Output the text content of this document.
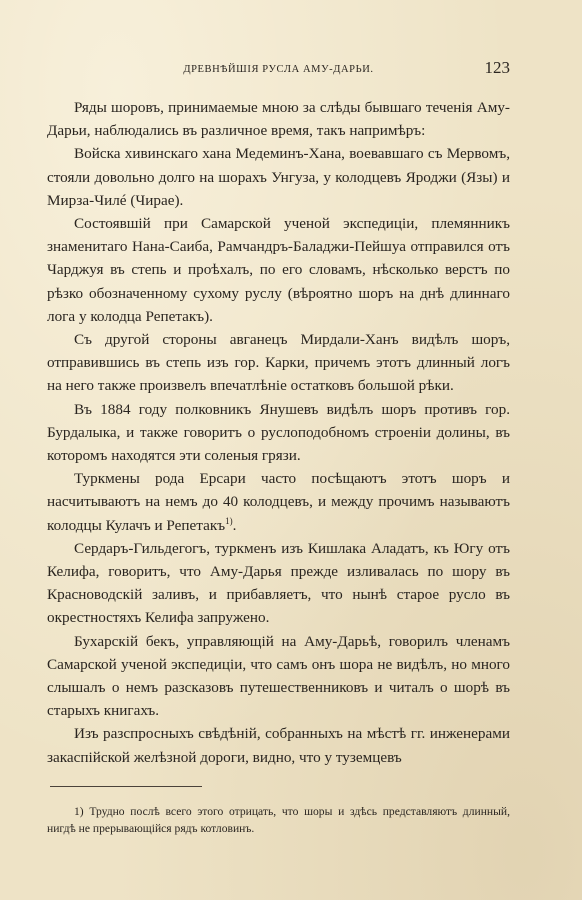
ДРЕВНѢЙШІЯ РУСЛА АМУ-ДАРЬИ.	123

Ряды шоровъ, принимаемые мною за слѣды бывшаго теченія Аму-Дарьи, наблюдались въ различное время, такъ напримѣръ:

Войска хивинскаго хана Медеминъ-Хана, воевавшаго съ Мервомъ, стояли довольно долго на шорахъ Унгуза, у колодцевъ Яроджи (Язы) и Мирза-Чилé (Чирае).

Состоявшій при Самарской ученой экспедиціи, племянникъ знаменитаго Нана-Саиба, Рамчандръ-Баладжи-Пейшуа отправился отъ Чарджуя въ степь и проѣхалъ, по его словамъ, нѣсколько верстъ по рѣзко обозначенному сухому руслу (вѣроятно шоръ на днѣ длиннаго лога у колодца Репетакъ).

Съ другой стороны авганецъ Мирдали-Ханъ видѣлъ шоръ, отправившись въ степь изъ гор. Карки, причемъ этотъ длинный логъ на него также произвелъ впечатлѣніе остатковъ большой рѣки.

Въ 1884 году полковникъ Янушевъ видѣлъ шоръ противъ гор. Бурдалыка, и также говоритъ о руслоподобномъ строеніи долины, въ которомъ находятся эти соленыя грязи.

Туркмены рода Ерсари часто посѣщаютъ этотъ шоръ и насчитываютъ на немъ до 40 колодцевъ, и между прочимъ называютъ колодцы Кулачъ и Репетакъ$^{1)}$.

Сердаръ-Гильдегогъ, туркменъ изъ Кишлака Аладатъ, къ Югу отъ Келифа, говоритъ, что Аму-Дарья прежде изливалась по шору въ Красноводскій заливъ, и прибавляетъ, что нынѣ старое русло въ окрестностяхъ Келифа запружено.

Бухарскій бекъ, управляющій на Аму-Дарьѣ, говорилъ членамъ Самарской ученой экспедиціи, что самъ онъ шора не видѣлъ, но много слышалъ о немъ разсказовъ путешественниковъ и читалъ о шорѣ въ старыхъ книгахъ.

Изъ разспросныхъ свѣдѣній, собранныхъ на мѣстѣ гг. инженерами закаспійской желѣзной дороги, видно, что у туземцевъ

1) Трудно послѣ всего этого отрицать, что шоры и здѣсь представляютъ длинный, нигдѣ не прерывающійся рядъ котловинъ.
